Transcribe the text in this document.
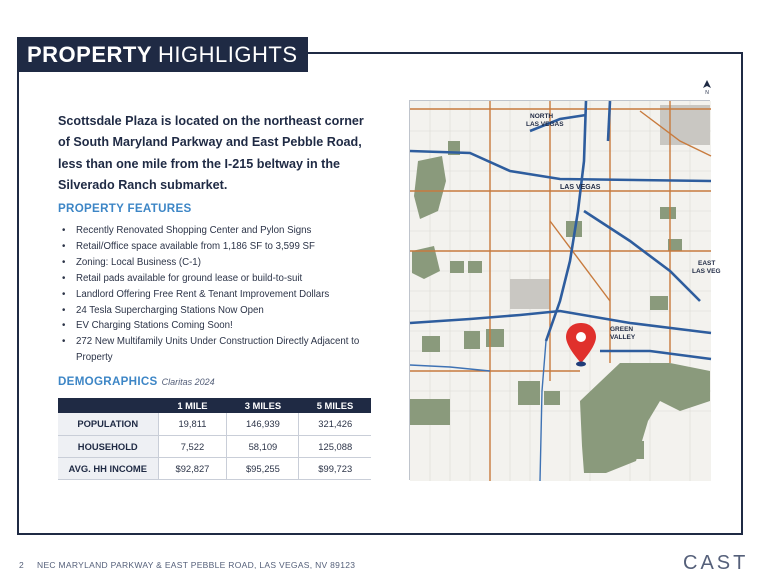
PROPERTY HIGHLIGHTS

Scottsdale Plaza is located on the northeast corner of South Maryland Parkway and East Pebble Road, less than one mile from the I-215 beltway in the Silverado Ranch submarket.

PROPERTY FEATURES
• Recently Renovated Shopping Center and Pylon Signs
• Retail/Office space available from 1,186 SF to 3,599 SF
• Zoning: Local Business (C-1)
• Retail pads available for ground lease or build-to-suit
• Landlord Offering Free Rent & Tenant Improvement Dollars
• 24 Tesla Supercharging Stations Now Open
• EV Charging Stations Coming Soon!
• 272 New Multifamily Units Under Construction Directly Adjacent to Property
DEMOGRAPHICS Claritas 2024
	1 MILE	3 MILES	5 MILES
POPULATION	19,811	146,939	321,426
HOUSEHOLD	7,522	58,109	125,088
AVG. HH INCOME	$92,827	$95,255	$99,723
N
NORTH
LAS VEGAS
LAS VEGAS
EAST
LAS VEG
GREEN
VALLEY
2 NEC MARYLAND PARKWAY & EAST PEBBLE ROAD, LAS VEGAS, NV 89123	CAST
